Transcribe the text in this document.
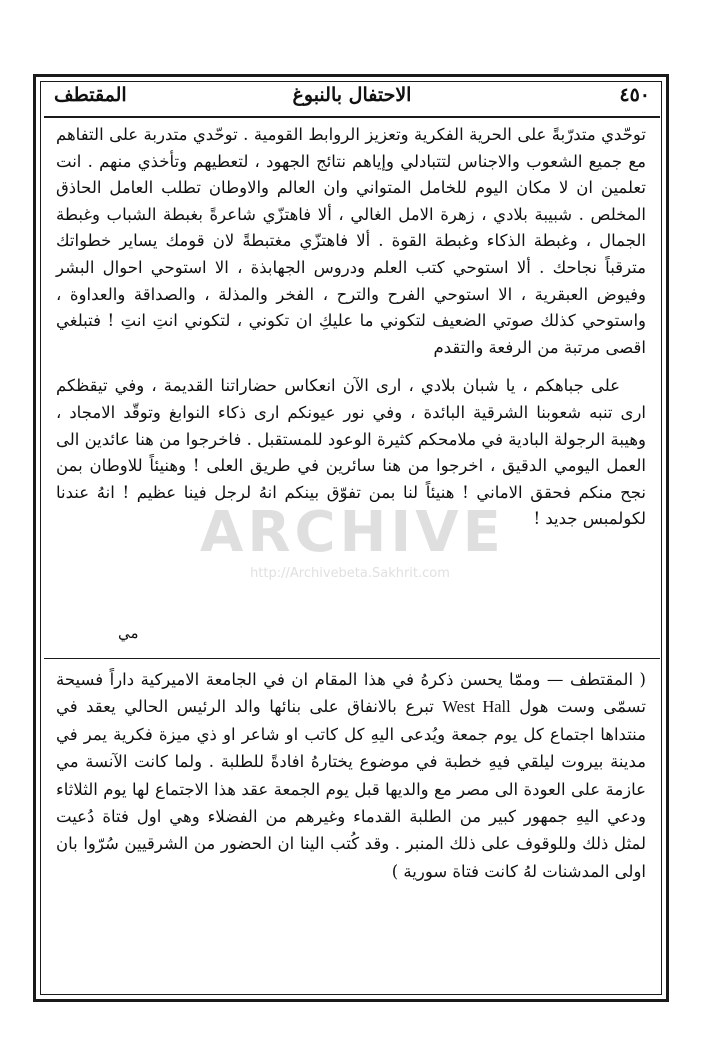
٤٥٠
الاحتفال بالنبوغ
المقتطف

توحّدي متدرّبةً على الحرية الفكرية وتعزيز الروابط القومية . توحّدي متدربة على التفاهم مع جميع الشعوب والاجناس لتتبادلي وإياهم نتائج الجهود ، لتعطيهم وتأخذي منهم . انت تعلمين ان لا مكان اليوم للخامل المتواني وان العالم والاوطان تطلب العامل الحاذق المخلص . شبيبة بلادي ، زهرة الامل الغالي ، ألا فاهتزّي شاعرةً بغبطة الشباب وغبطة الجمال ، وغبطة الذكاء وغبطة القوة . ألا فاهتزّي مغتبطةً لان قومك يساير خطواتك مترقباً نجاحك . ألا استوحي كتب العلم ودروس الجهابذة ، الا استوحي احوال البشر وفيوض العبقرية ، الا استوحي الفرح والترح ، الفخر والمذلة ، والصداقة والعداوة ، واستوحي كذلك صوتي الضعيف لتكوني ما عليكِ ان تكوني ، لتكوني انتِ انتِ ! فتبلغي اقصى مرتبة من الرفعة والتقدم

على جباهكم ، يا شبان بلادي ، ارى الآن انعكاس حضاراتنا القديمة ، وفي تيقظكم ارى تنبه شعوبنا الشرقية البائدة ، وفي نور عيونكم ارى ذكاء النوابغ وتوقّد الامجاد ، وهيبة الرجولة البادية في ملامحكم كثيرة الوعود للمستقبل . فاخرجوا من هنا عائدين الى العمل اليومي الدقيق ، اخرجوا من هنا سائرين في طريق العلى ! وهنيئاً للاوطان بمن نجح منكم فحقق الاماني ! هنيئاً لنا بمن تفوّق بينكم انهُ لرجل فينا عظيم ! انهُ عندنا لكولمبس جديد !

مي
( المقتطف — وممّا يحسن ذكرهُ في هذا المقام ان في الجامعة الاميركية داراً فسيحة تسمّى وست هول West Hall تبرع بالانفاق على بنائها والد الرئيس الحالي يعقد في منتداها اجتماع كل يوم جمعة ويُدعى اليهِ كل كاتب او شاعر او ذي ميزة فكرية يمر في مدينة بيروت ليلقي فيهِ خطبة في موضوع يختارهُ افادةً للطلبة . ولما كانت الآنسة مي عازمة على العودة الى مصر مع والديها قبل يوم الجمعة عقد هذا الاجتماع لها يوم الثلاثاء ودعي اليهِ جمهور كبير من الطلبة القدماء وغيرهم من الفضلاء وهي اول فتاة دُعيت لمثل ذلك وللوقوف على ذلك المنبر . وقد كُتب الينا ان الحضور من الشرقيين سُرّوا بان اولى المدشنات لهُ كانت فتاة سورية )
ARCHIVE
http://Archivebeta.Sakhrit.com
